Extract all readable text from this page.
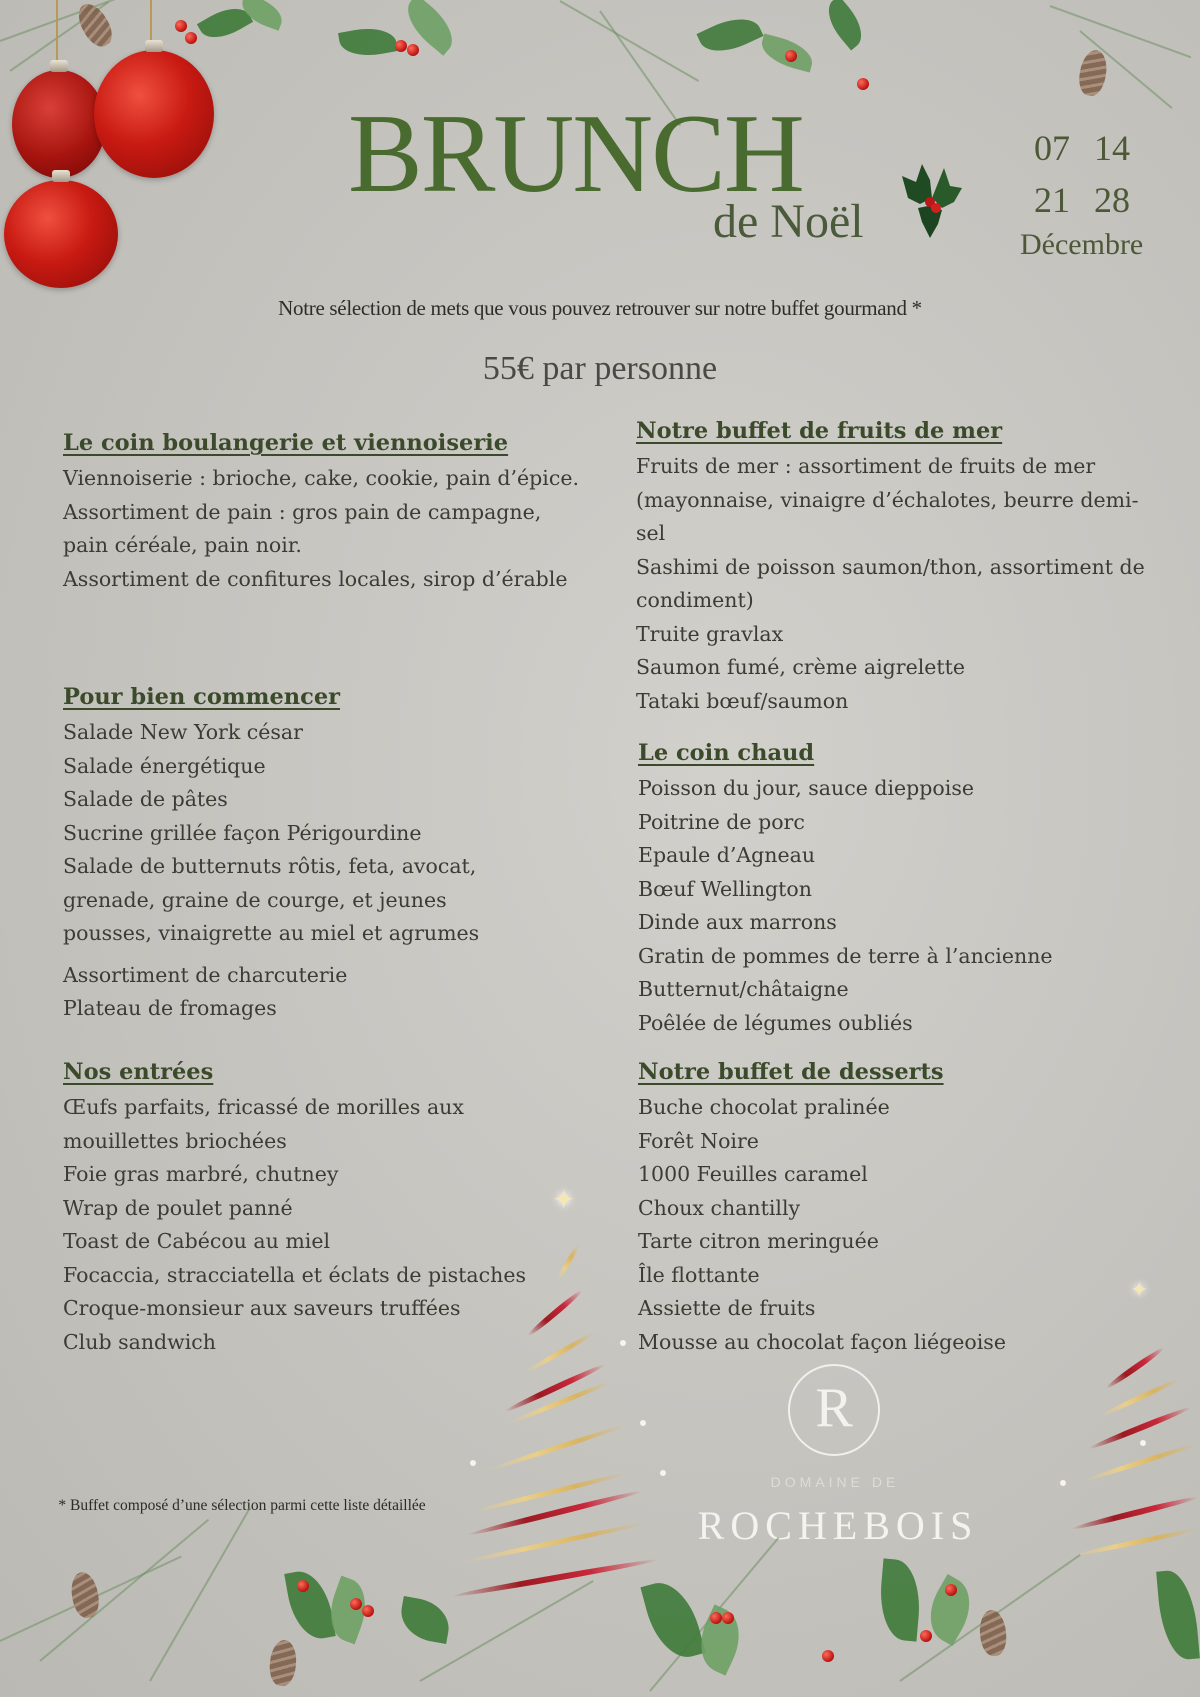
BRUNCH
de Noël
07 14
21 28
Décembre
Notre sélection de mets que vous pouvez retrouver sur notre buffet gourmand *
55€ par personne
Le coin boulangerie et viennoiserie
Viennoiserie : brioche, cake, cookie, pain d’épice.
Assortiment de pain : gros pain de campagne, pain céréale, pain noir.
Assortiment de confitures locales, sirop d’érable
Pour bien commencer
Salade New York césar
Salade énergétique
Salade de pâtes
Sucrine grillée façon Périgourdine
Salade de butternuts rôtis, feta, avocat, grenade, graine de courge, et jeunes pousses, vinaigrette au miel et agrumes
Assortiment de charcuterie
Plateau de fromages
Nos entrées
Œufs parfaits, fricassé de morilles aux mouillettes briochées
Foie gras marbré, chutney
Wrap de poulet panné
Toast de Cabécou au miel
Focaccia, stracciatella et éclats de pistaches
Croque-monsieur aux saveurs truffées
Club sandwich
Notre buffet de fruits de mer
Fruits de mer : assortiment de fruits de mer (mayonnaise, vinaigre d’échalotes, beurre demi-sel
Sashimi de poisson saumon/thon, assortiment de condiment)
Truite gravlax
Saumon fumé, crème aigrelette
Tataki bœuf/saumon
Le coin chaud
Poisson du jour, sauce dieppoise
Poitrine de porc
Epaule d’Agneau
Bœuf Wellington
Dinde aux marrons
Gratin de pommes de terre à l’ancienne
Butternut/châtaigne
Poêlée de légumes oubliés
Notre buffet de desserts
Buche chocolat pralinée
Forêt Noire
1000 Feuilles caramel
Choux chantilly
Tarte citron meringuée
Île flottante
Assiette de fruits
Mousse au chocolat façon liégeoise
✦
✦
* Buffet composé d’une sélection parmi cette liste détaillée
R
DOMAINE DE
ROCHEBOIS
